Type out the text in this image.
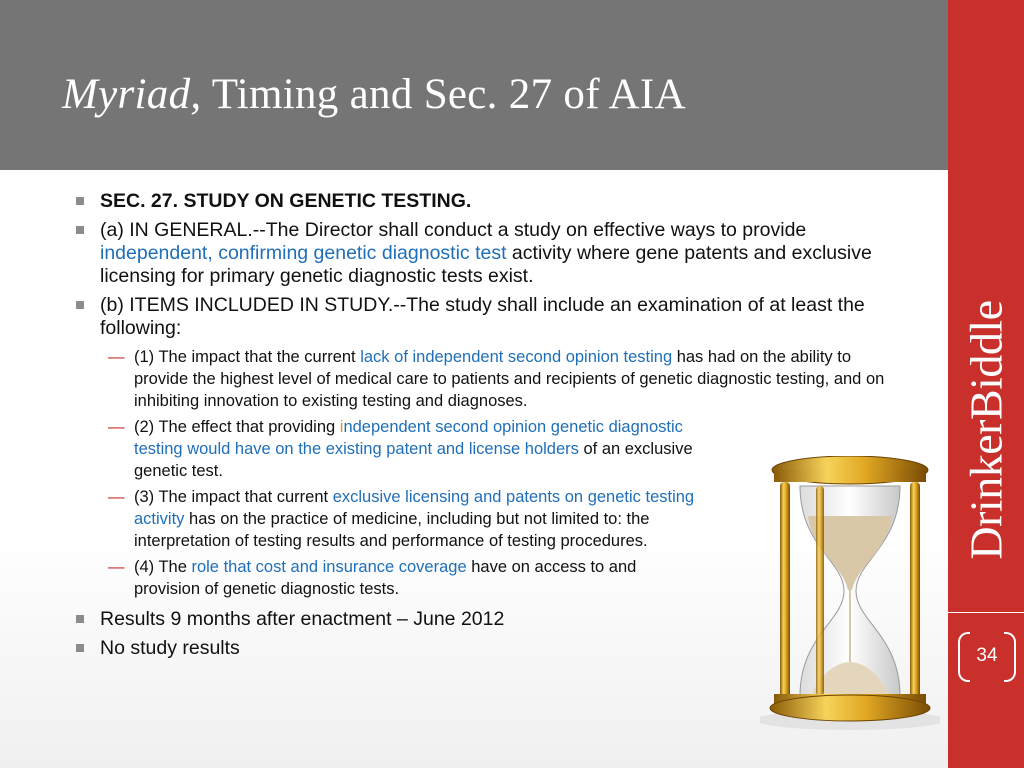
Myriad, Timing and Sec. 27 of AIA
DrinkerBiddle
34
SEC. 27. STUDY ON GENETIC TESTING.
(a) IN GENERAL.--The Director shall conduct a study on effective ways to provide independent, confirming genetic diagnostic test activity where gene patents and exclusive licensing for primary genetic diagnostic tests exist.
(b) ITEMS INCLUDED IN STUDY.--The study shall include an examination of at least the following:
— (1) The impact that the current lack of independent second opinion testing has had on the ability to provide the highest level of medical care to patients and recipients of genetic diagnostic testing, and on inhibiting innovation to existing testing and diagnoses.
— (2) The effect that providing independent second opinion genetic diagnostic testing would have on the existing patent and license holders of an exclusive genetic test.
— (3) The impact that current exclusive licensing and patents on genetic testing activity has on the practice of medicine, including but not limited to: the interpretation of testing results and performance of testing procedures.
— (4) The role that cost and insurance coverage have on access to and provision of genetic diagnostic tests.
Results 9 months after enactment – June 2012
No study results
